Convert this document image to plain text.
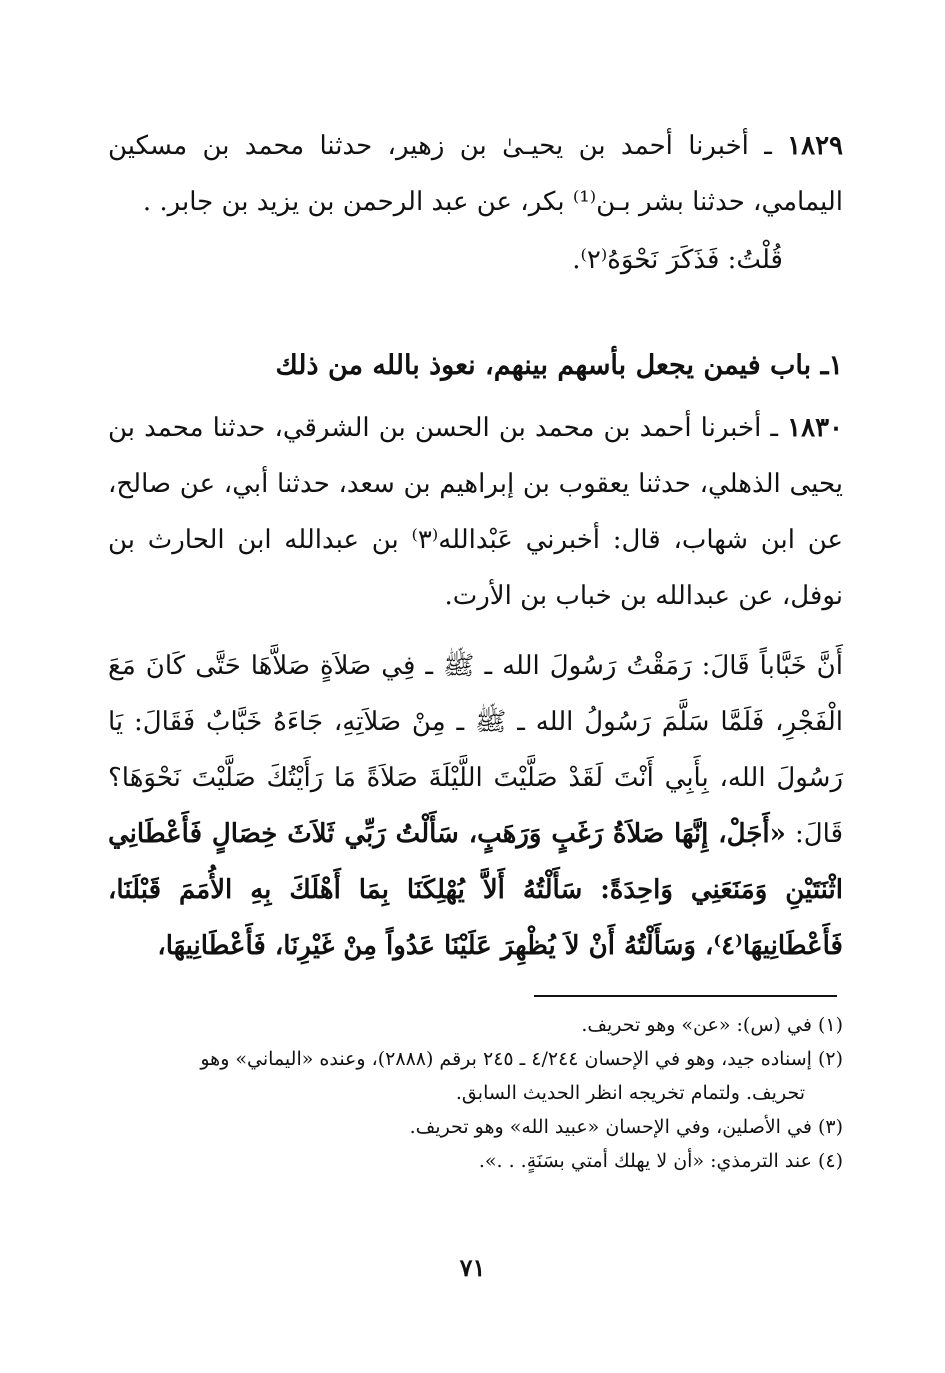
١٨٢٩ ـ أخبرنا أحمد بن يحيـىٰ بن زهير، حدثنا محمد بن مسكين اليمامي، حدثنا بشر بـن⁽¹⁾ بكر، عن عبد الرحمن بن يزيد بن جابر. .

قُلْتُ: فَذَكَرَ نَحْوَهُ⁽٢⁾.

١ـ باب فيمن يجعل بأسهم بينهم، نعوذ بالله من ذلك

١٨٣٠ ـ أخبرنا أحمد بن محمد بن الحسن بن الشرقي، حدثنا محمد بن يحيى الذهلي، حدثنا يعقوب بن إبراهيم بن سعد، حدثنا أبي، عن صالح، عن ابن شهاب، قال: أخبرني عَبْدالله⁽٣⁾ بن عبدالله ابن الحارث بن نوفل، عن عبدالله بن خباب بن الأرت.

أَنَّ خَبَّاباً قَالَ: رَمَقْتُ رَسُولَ الله ـ ﷺ ـ فِي صَلاَةٍ صَلاَّهَا حَتَّى كَانَ مَعَ الْفَجْرِ، فَلَمَّا سَلَّمَ رَسُولُ الله ـ ﷺ ـ مِنْ صَلاَتِهِ، جَاءَهُ خَبَّابٌ فَقَالَ: يَا رَسُولَ الله، بِأَبِي أَنْتَ لَقَدْ صَلَّيْتَ اللَّيْلَةَ صَلاَةً مَا رَأَيْتُكَ صَلَّيْتَ نَحْوَهَا؟ قَالَ: «أَجَلْ، إِنَّهَا صَلاَةُ رَغَبٍ وَرَهَبٍ، سَأَلْتُ رَبِّي ثَلاَثَ خِصَالٍ فَأَعْطَانِي اثْنَتَيْنِ وَمَنَعَنِي وَاحِدَةً: سَأَلْتُهُ أَلاَّ يُهْلِكَنَا بِمَا أَهْلَكَ بِهِ الأُمَمَ قَبْلَنَا، فَأَعْطَانِيهَا⁽٤⁾، وَسَأَلْتُهُ أَنْ لاَ يُظْهِرَ عَلَيْنَا عَدُواً مِنْ غَيْرِنَا، فَأَعْطَانِيهَا،

(١) في (س): «عن» وهو تحريف.

(٢) إسناده جيد، وهو في الإحسان ٤/٢٤٤ ـ ٢٤٥ برقم (٢٨٨٨)، وعنده «اليماني» وهو

تحريف. ولتمام تخريجه انظر الحديث السابق.

(٣) في الأصلين، وفي الإحسان «عبيد الله» وهو تحريف.

(٤) عند الترمذي: «أن لا يهلك أمتي بسَنَةٍ. . .».

٧١
